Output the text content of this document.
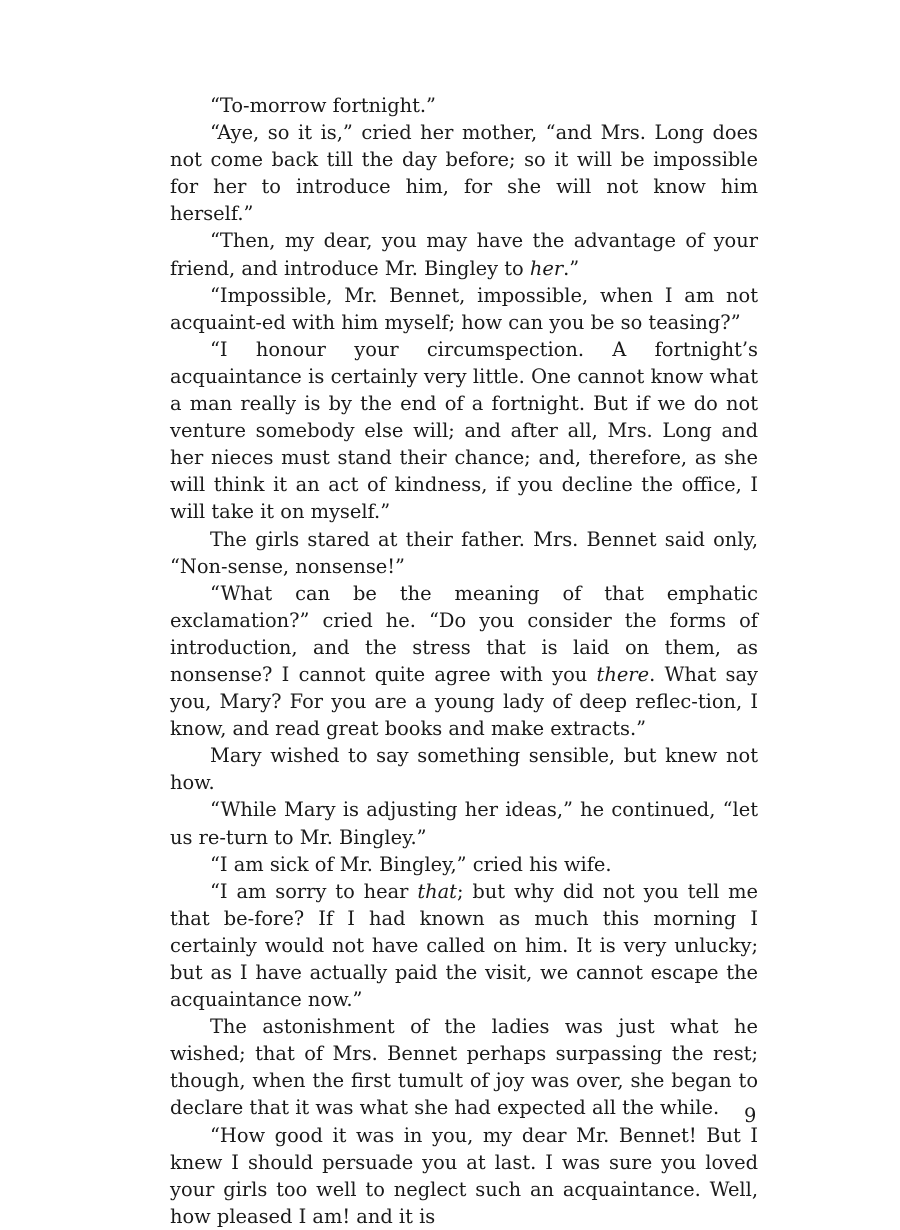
“To-morrow fortnight.”

“Aye, so it is,” cried her mother, “and Mrs. Long does not come back till the day before; so it will be impossible for her to introduce him, for she will not know him herself.”

“Then, my dear, you may have the advantage of your friend, and introduce Mr. Bingley to her.”

“Impossible, Mr. Bennet, impossible, when I am not acquaint-ed with him myself; how can you be so teasing?”

“I honour your circumspection. A fortnight’s acquaintance is certainly very little. One cannot know what a man really is by the end of a fortnight. But if we do not venture somebody else will; and after all, Mrs. Long and her nieces must stand their chance; and, therefore, as she will think it an act of kindness, if you decline the office, I will take it on myself.”

The girls stared at their father. Mrs. Bennet said only, “Non-sense, nonsense!”

“What can be the meaning of that emphatic exclamation?” cried he. “Do you consider the forms of introduction, and the stress that is laid on them, as nonsense? I cannot quite agree with you there. What say you, Mary? For you are a young lady of deep reflec-tion, I know, and read great books and make extracts.”

Mary wished to say something sensible, but knew not how.

“While Mary is adjusting her ideas,” he continued, “let us re-turn to Mr. Bingley.”

“I am sick of Mr. Bingley,” cried his wife.

“I am sorry to hear that; but why did not you tell me that be-fore? If I had known as much this morning I certainly would not have called on him. It is very unlucky; but as I have actually paid the visit, we cannot escape the acquaintance now.”

The astonishment of the ladies was just what he wished; that of Mrs. Bennet perhaps surpassing the rest; though, when the first tumult of joy was over, she began to declare that it was what she had expected all the while.

“How good it was in you, my dear Mr. Bennet! But I knew I should persuade you at last. I was sure you loved your girls too well to neglect such an acquaintance. Well, how pleased I am! and it is

9
